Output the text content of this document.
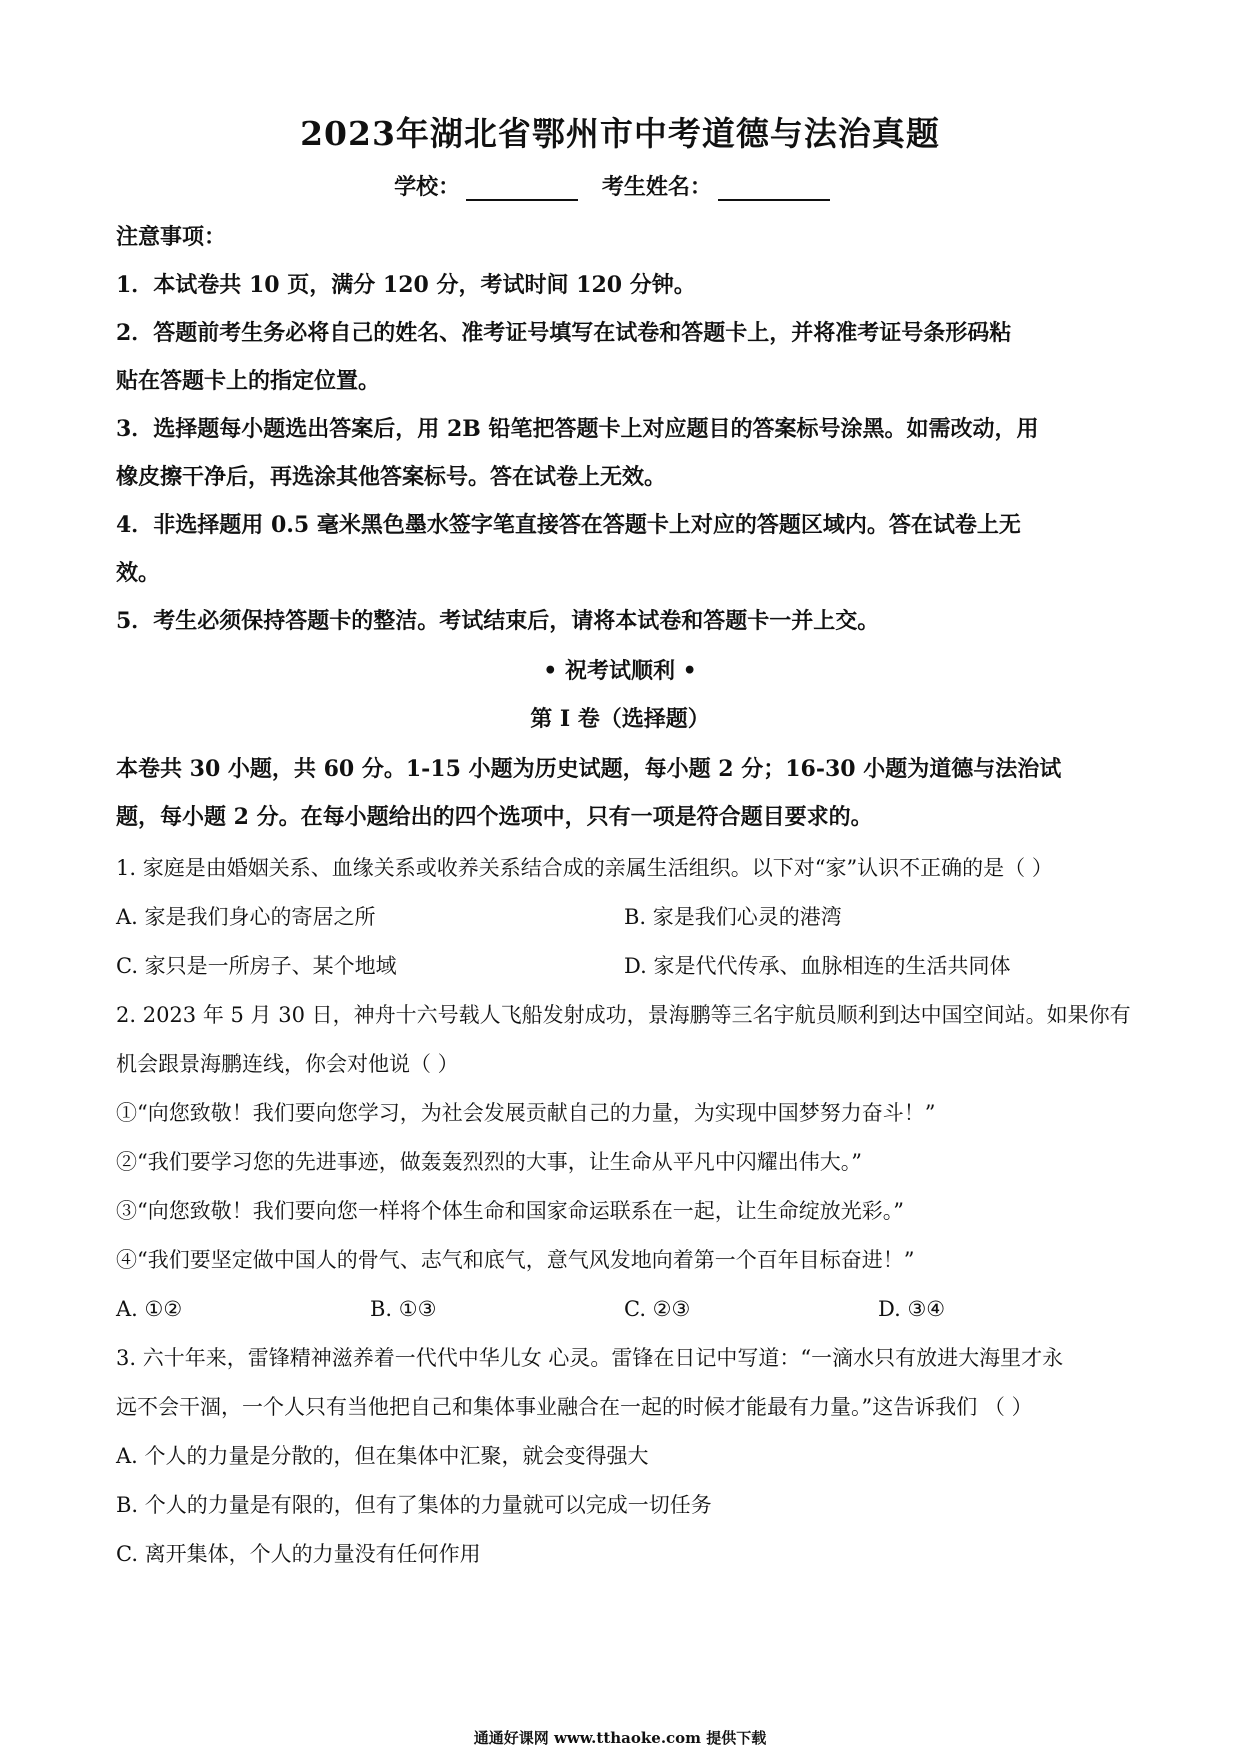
2023年湖北省鄂州市中考道德与法治真题
学校：	考生姓名：
注意事项：
1．本试卷共 10 页，满分 120 分，考试时间 120 分钟。
2．答题前考生务必将自己的姓名、准考证号填写在试卷和答题卡上，并将准考证号条形码粘
贴在答题卡上的指定位置。
3．选择题每小题选出答案后，用 2B 铅笔把答题卡上对应题目的答案标号涂黑。如需改动，用
橡皮擦干净后，再选涂其他答案标号。答在试卷上无效。
4．非选择题用 0.5 毫米黑色墨水签字笔直接答在答题卡上对应的答题区域内。答在试卷上无
效。
5．考生必须保持答题卡的整洁。考试结束后，请将本试卷和答题卡一并上交。
• 祝考试顺利 •
第 I 卷（选择题）
本卷共 30 小题，共 60 分。1-15 小题为历史试题，每小题 2 分；16-30 小题为道德与法治试
题，每小题 2 分。在每小题给出的四个选项中，只有一项是符合题目要求的。
1. 家庭是由婚姻关系、血缘关系或收养关系结合成的亲属生活组织。以下对“家”认识不正确的是（ ）
A. 家是我们身心的寄居之所	B. 家是我们心灵的港湾
C. 家只是一所房子、某个地域	D. 家是代代传承、血脉相连的生活共同体
2. 2023 年 5 月 30 日，神舟十六号载人飞船发射成功，景海鹏等三名宇航员顺利到达中国空间站。如果你有
机会跟景海鹏连线，你会对他说（ ）
①“向您致敬！我们要向您学习，为社会发展贡献自己的力量，为实现中国梦努力奋斗！”
②“我们要学习您的先进事迹，做轰轰烈烈的大事，让生命从平凡中闪耀出伟大。”
③“向您致敬！我们要向您一样将个体生命和国家命运联系在一起，让生命绽放光彩。”
④“我们要坚定做中国人的骨气、志气和底气，意气风发地向着第一个百年目标奋进！”
A. ①②	B. ①③	C. ②③	D. ③④
3. 六十年来，雷锋精神滋养着一代代中华儿女 心灵。雷锋在日记中写道：“一滴水只有放进大海里才永
远不会干涸，一个人只有当他把自己和集体事业融合在一起的时候才能最有力量。”这告诉我们 （ ）
A. 个人的力量是分散的，但在集体中汇聚，就会变得强大
B. 个人的力量是有限的，但有了集体的力量就可以完成一切任务
C. 离开集体，个人的力量没有任何作用
通通好课网 www.tthaoke.com 提供下载
